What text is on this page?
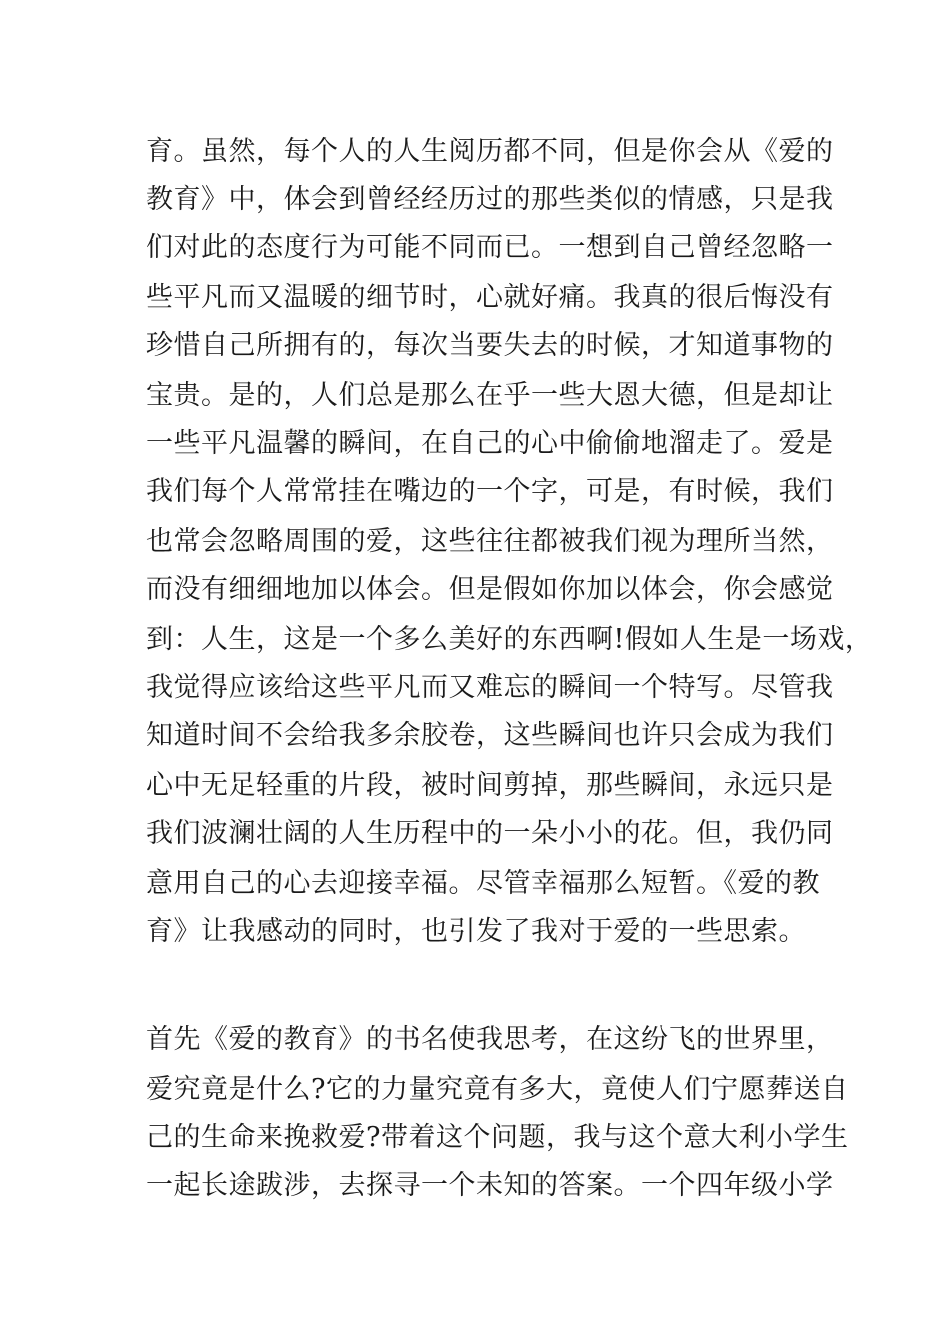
育。虽然，每个人的人生阅历都不同，但是你会从《爱的
教育》中，体会到曾经经历过的那些类似的情感，只是我
们对此的态度行为可能不同而已。一想到自己曾经忽略一
些平凡而又温暖的细节时，心就好痛。我真的很后悔没有
珍惜自己所拥有的，每次当要失去的时候，才知道事物的
宝贵。是的，人们总是那么在乎一些大恩大德，但是却让
一些平凡温馨的瞬间，在自己的心中偷偷地溜走了。爱是
我们每个人常常挂在嘴边的一个字，可是，有时候，我们
也常会忽略周围的爱，这些往往都被我们视为理所当然，
而没有细细地加以体会。但是假如你加以体会，你会感觉
到：人生，这是一个多么美好的东西啊!假如人生是一场戏，
我觉得应该给这些平凡而又难忘的瞬间一个特写。尽管我
知道时间不会给我多余胶卷，这些瞬间也许只会成为我们
心中无足轻重的片段，被时间剪掉，那些瞬间，永远只是
我们波澜壮阔的人生历程中的一朵小小的花。但，我仍同
意用自己的心去迎接幸福。尽管幸福那么短暂。《爱的教
育》让我感动的同时，也引发了我对于爱的一些思索。
首先《爱的教育》的书名使我思考，在这纷飞的世界里，
爱究竟是什么?它的力量究竟有多大，竟使人们宁愿葬送自
己的生命来挽救爱?带着这个问题，我与这个意大利小学生
一起长途跋涉，去探寻一个未知的答案。一个四年级小学
